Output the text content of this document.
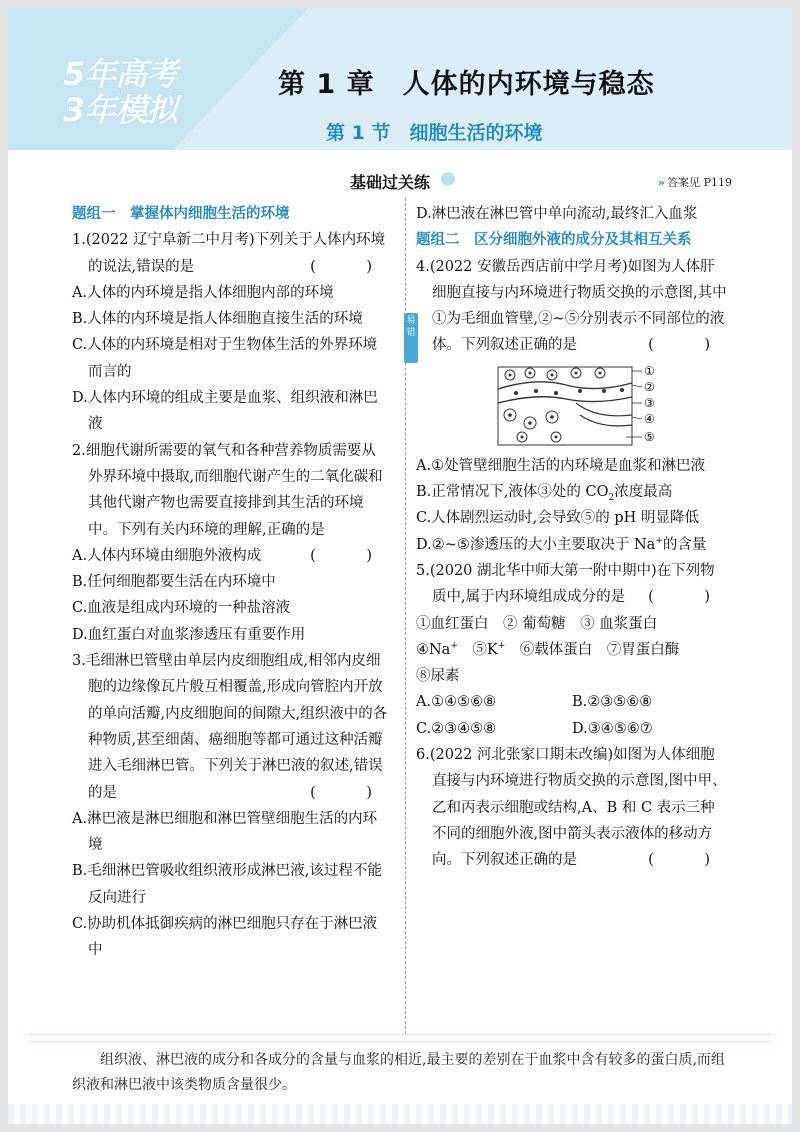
5年高考
3年模拟
第 1 章　人体的内环境与稳态
第 1 节　细胞生活的环境
基础过关练	» 答案见 P119

题组一　掌握体内细胞生活的环境

1.(2022 辽宁阜新二中月考)下列关于人体内环境的说法,错误的是	(　)

A.人体的内环境是指人体细胞内部的环境

B.人体的内环境是指人体细胞直接生活的环境

C.人体的内环境是相对于生物体生活的外界环境而言的

D.人体内环境的组成主要是血浆、组织液和淋巴液

2.细胞代谢所需要的氧气和各种营养物质需要从外界环境中摄取,而细胞代谢产生的二氧化碳和其他代谢产物也需要直接排到其生活的环境中。下列有关内环境的理解,正确的是
(　)

A.人体内环境由细胞外液构成

B.任何细胞都要生活在内环境中

C.血液是组成内环境的一种盐溶液

D.血红蛋白对血浆渗透压有重要作用

3.毛细淋巴管壁由单层内皮细胞组成,相邻内皮细胞的边缘像瓦片般互相覆盖,形成向管腔内开放的单向活瓣,内皮细胞间的间隙大,组织液中的各种物质,甚至细菌、癌细胞等都可通过这种活瓣进入毛细淋巴管。下列关于淋巴液的叙述,错误的是	(　)

A.淋巴液是淋巴细胞和淋巴管壁细胞生活的内环境

B.毛细淋巴管吸收组织液形成淋巴液,该过程不能反向进行

C.协助机体抵御疾病的淋巴细胞只存在于淋巴液中

D.淋巴液在淋巴管中单向流动,最终汇入血浆

题组二　区分细胞外液的成分及其相互关系

4.(2022 安徽岳西店前中学月考)如图为人体肝细胞直接与内环境进行物质交换的示意图,其中①为毛细血管壁,②~⑤分别表示不同部位的液体。下列叙述正确的是	(　)

①
②
③
④
⑤

A.①处管壁细胞生活的内环境是血浆和淋巴液

B.正常情况下,液体③处的 $CO_2$浓度最高

C.人体剧烈运动时,会导致⑤的 pH 明显降低

D.②~⑤渗透压的大小主要取决于 Na+的含量

5.(2020 湖北华中师大第一附中期中)在下列物质中,属于内环境组成成分的是 (　)

①血红蛋白　② 葡萄糖　③ 血浆蛋白

④Na+　 ⑤K+　 ⑥载体蛋白　⑦胃蛋白酶

⑧尿素

A.①④⑤⑥⑧	B.②③⑤⑥⑧
C.②③④⑤⑧	D.③④⑤⑥⑦

6.(2022 河北张家口期末改编)如图为人体细胞直接与内环境进行物质交换的示意图,图中甲、乙和丙表示细胞或结构,A、B 和 C 表示三种不同的细胞外液,图中箭头表示液体的移动方向。下列叙述正确的是	(　)

易错
组织液、淋巴液的成分和各成分的含量与血浆的相近,最主要的差别在于血浆中含有较多的蛋白质,而组织液和淋巴液中该类物质含量很少。
